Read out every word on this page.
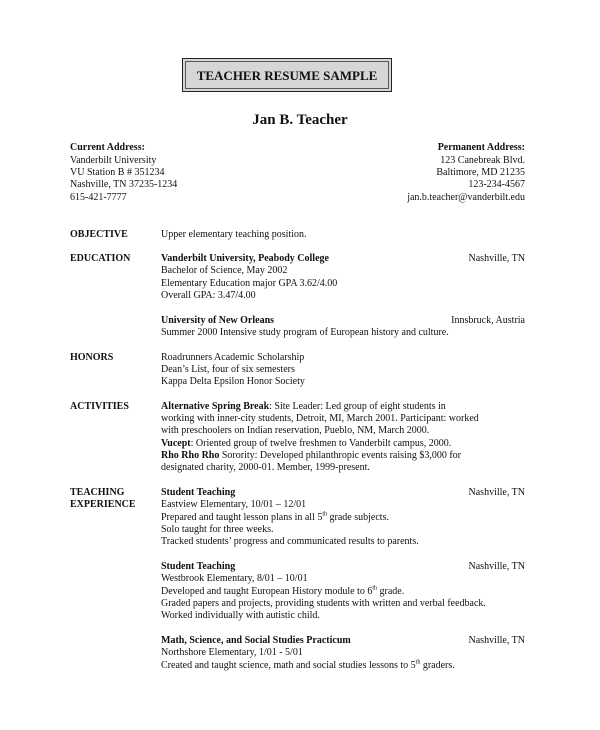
TEACHER RESUME SAMPLE
Jan B. Teacher
Current Address:
Vanderbilt University
VU Station B # 351234
Nashville, TN 37235-1234
615-421-7777
Permanent Address:
123 Canebreak Blvd.
Baltimore, MD 21235
123-234-4567
jan.b.teacher@vanderbilt.edu
OBJECTIVE	Upper elementary teaching position.
EDUCATION	Vanderbilt University, Peabody College	Nashville, TN
Bachelor of Science, May 2002
Elementary Education major GPA 3.62/4.00
Overall GPA: 3.47/4.00
University of New Orleans	Innsbruck, Austria
Summer 2000 Intensive study program of European history and culture.
HONORS	Roadrunners Academic Scholarship
Dean’s List, four of six semesters
Kappa Delta Epsilon Honor Society
ACTIVITIES	Alternative Spring Break: Site Leader: Led group of eight students in
working with inner-city students, Detroit, MI, March 2001. Participant: worked
with preschoolers on Indian reservation, Pueblo, NM, March 2000.
Vucept: Oriented group of twelve freshmen to Vanderbilt campus, 2000.
Rho Rho Rho Sorority: Developed philanthropic events raising $3,000 for
designated charity, 2000-01. Member, 1999-present.
TEACHING
EXPERIENCE
Student Teaching	Nashville, TN
Eastview Elementary, 10/01 – 12/01
Prepared and taught lesson plans in all 5th grade subjects.
Solo taught for three weeks.
Tracked students’ progress and communicated results to parents.
Student Teaching	Nashville, TN
Westbrook Elementary, 8/01 – 10/01
Developed and taught European History module to 6th grade.
Graded papers and projects, providing students with written and verbal feedback.
Worked individually with autistic child.
Math, Science, and Social Studies Practicum	Nashville, TN
Northshore Elementary, 1/01 - 5/01
Created and taught science, math and social studies lessons to 5th graders.
